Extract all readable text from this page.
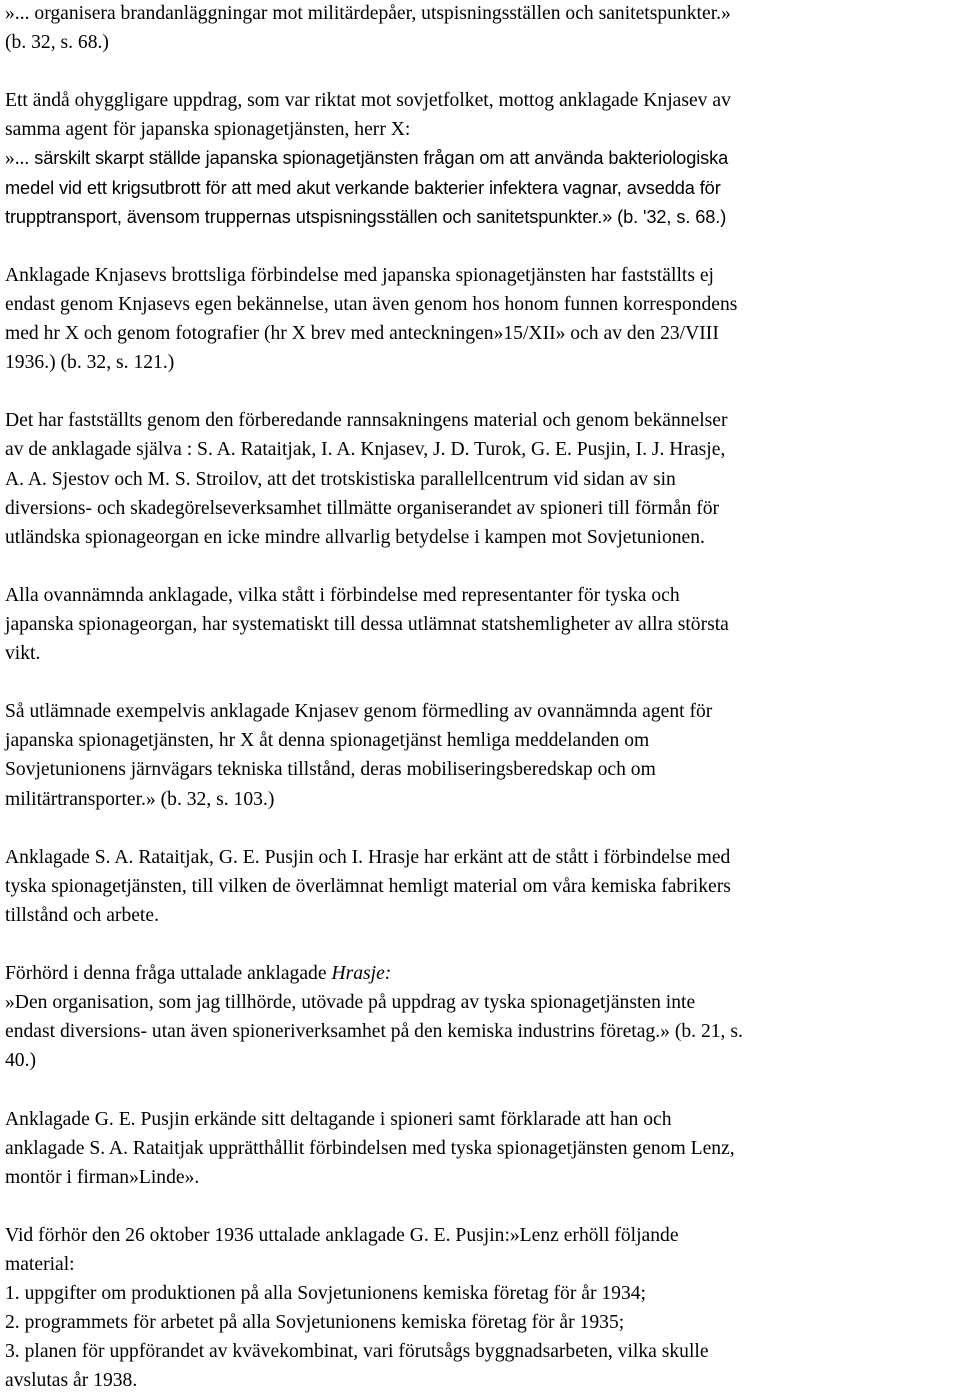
»... organisera brandanläggningar mot militärdepåer, utspisningsställen och sanitetspunkter.»
(b. 32, s. 68.)

Ett ändå ohyggligare uppdrag, som var riktat mot sovjetfolket, mottog anklagade Knjasev av
samma agent för japanska spionagetjänsten, herr X:

»... särskilt skarpt ställde japanska spionagetjänsten frågan om att använda bakteriologiska
medel vid ett krigsutbrott för att med akut verkande bakterier infektera vagnar, avsedda för
trupptransport, ävensom truppernas utspisningsställen och sanitetspunkter.» (b. '32, s. 68.)

Anklagade Knjasevs brottsliga förbindelse med japanska spionagetjänsten har fastställts ej
endast genom Knjasevs egen bekännelse, utan även genom hos honom funnen korrespondens
med hr X och genom fotografier (hr X brev med anteckningen»15/XII» och av den 23/VIII
1936.) (b. 32, s. 121.)

Det har fastställts genom den förberedande rannsakningens material och genom bekännelser
av de anklagade själva : S. A. Rataitjak, I. A. Knjasev, J. D. Turok, G. E. Pusjin, I. J. Hrasje,
A. A. Sjestov och M. S. Stroilov, att det trotskistiska parallellcentrum vid sidan av sin
diversions- och skadegörelseverksamhet tillmätte organiserandet av spioneri till förmån för
utländska spionageorgan en icke mindre allvarlig betydelse i kampen mot Sovjetunionen.

Alla ovannämnda anklagade, vilka stått i förbindelse med representanter för tyska och
japanska spionageorgan, har systematiskt till dessa utlämnat statshemligheter av allra största
vikt.

Så utlämnade exempelvis anklagade Knjasev genom förmedling av ovannämnda agent för
japanska spionagetjänsten, hr X åt denna spionagetjänst hemliga meddelanden om
Sovjetunionens järnvägars tekniska tillstånd, deras mobiliseringsberedskap och om
militärtransporter.» (b. 32, s. 103.)

Anklagade S. A. Rataitjak, G. E. Pusjin och I. Hrasje har erkänt att de stått i förbindelse med
tyska spionagetjänsten, till vilken de överlämnat hemligt material om våra kemiska fabrikers
tillstånd och arbete.

Förhörd i denna fråga uttalade anklagade Hrasje:
»Den organisation, som jag tillhörde, utövade på uppdrag av tyska spionagetjänsten inte
endast diversions- utan även spioneriverksamhet på den kemiska industrins företag.» (b. 21, s.
40.)

Anklagade G. E. Pusjin erkände sitt deltagande i spioneri samt förklarade att han och
anklagade S. A. Rataitjak upprätthållit förbindelsen med tyska spionagetjänsten genom Lenz,
montör i firman»Linde».

Vid förhör den 26 oktober 1936 uttalade anklagade G. E. Pusjin:»Lenz erhöll följande
material:
1. uppgifter om produktionen på alla Sovjetunionens kemiska företag för år 1934;
2. programmets för arbetet på alla Sovjetunionens kemiska företag för år 1935;
3. planen för uppförandet av kvävekombinat, vari förutsågs byggnadsarbeten, vilka skulle
avslutas år 1938.
